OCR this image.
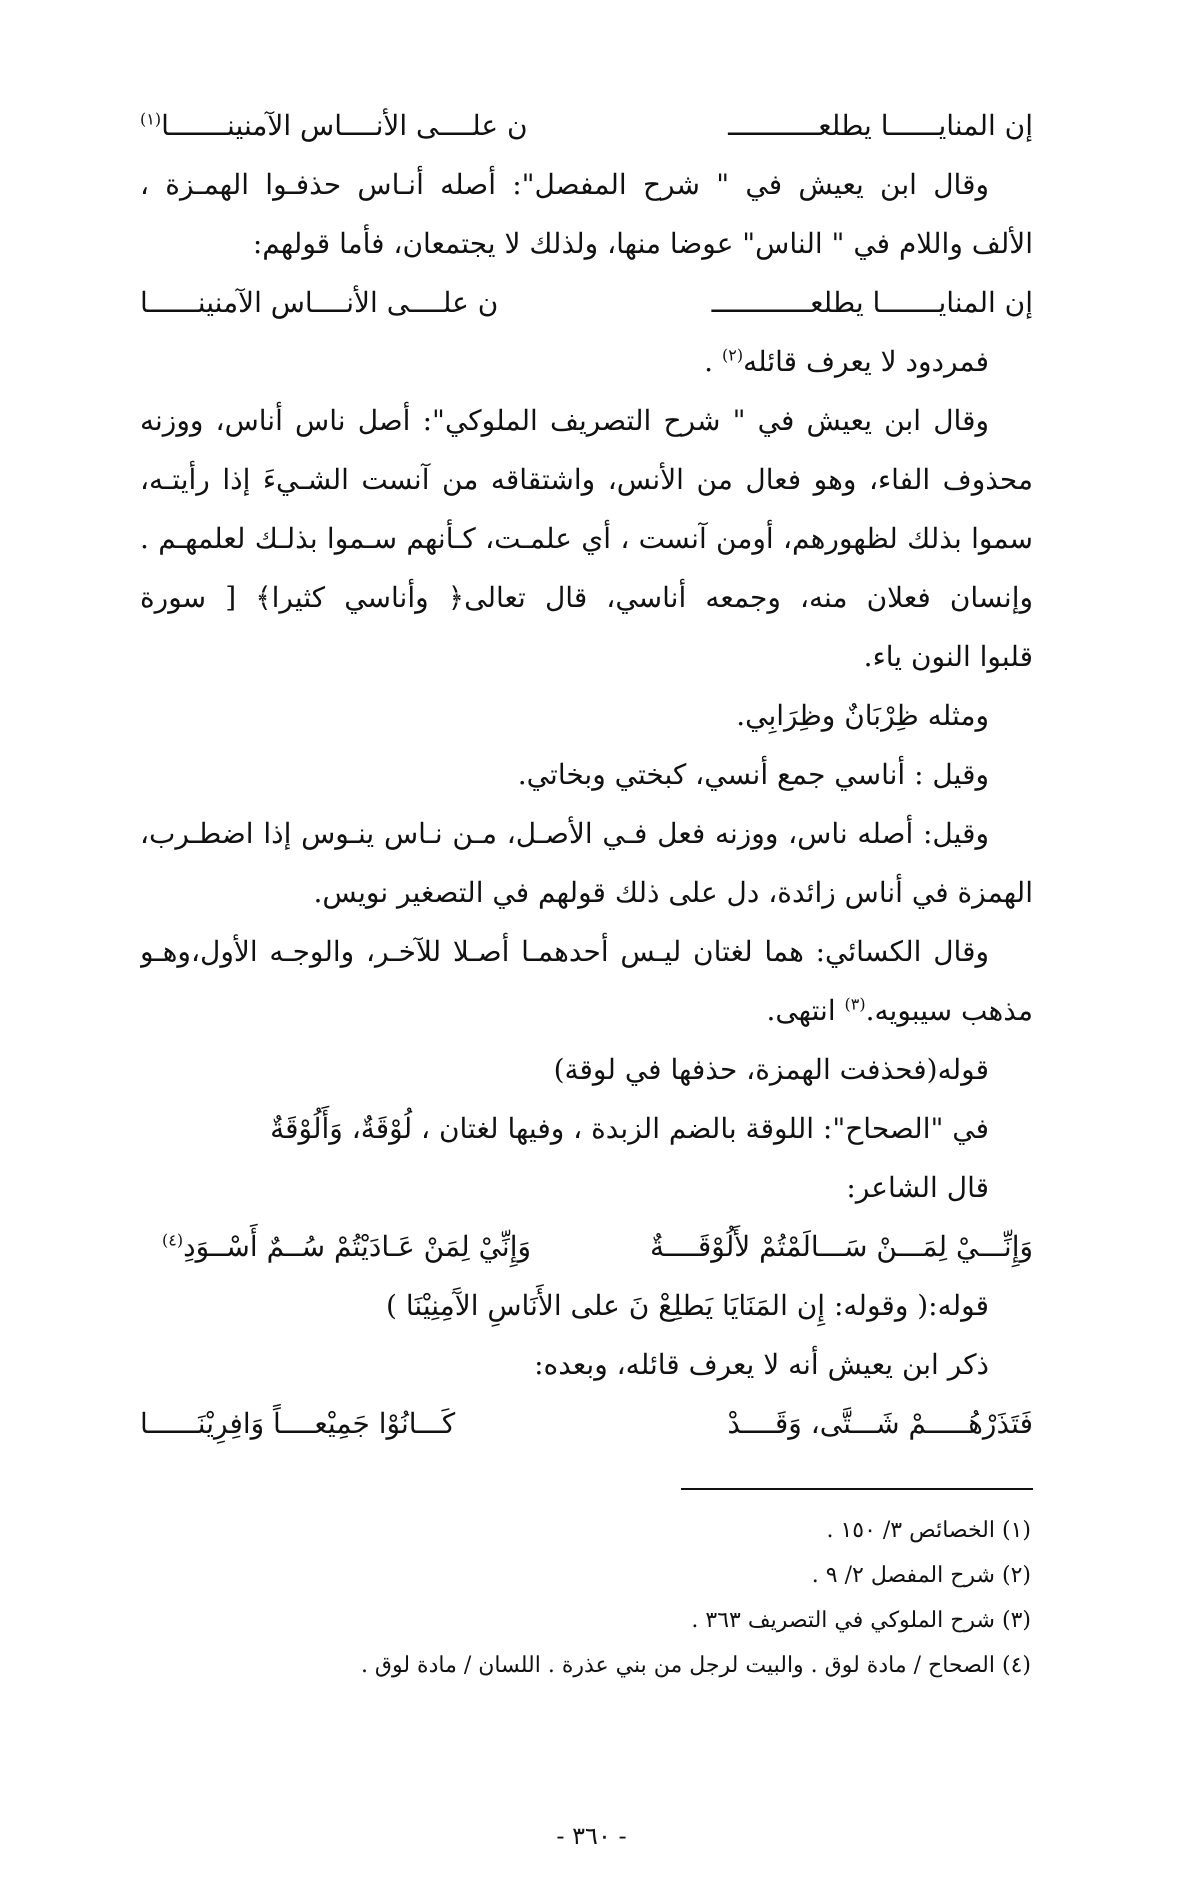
إن المنايــــــا يطلعـــــــــــ
ن علــــى الأنــــاس الآمنينـــــــا$^{(١)}$
وقال ابن يعيش في " شرح المفصل": أصله أنـاس حذفـوا الهمـزة ،
الألف واللام في " الناس" عوضا منها، ولذلك لا يجتمعان، فأما قولهم:
إن المنايـــــــا يطلعــــــــــــ
ن علــــى الأنــــاس الآمنينــــــا
فمردود لا يعرف قائله$^{(٢)}$ .
وقال ابن يعيش في " شرح التصريف الملوكي": أصل ناس أناس، ووزنه
محذوف الفاء، وهو فعال من الأنس، واشتقاقه من آنست الشـيءَ إذا رأيتـه،
سموا بذلك لظهورهم، أومن آنست ، أي علمـت، كـأنهم سـموا بذلـك لعلمهـم .
وإنسان فعلان منه، وجمعه أناسي، قال تعالى﴿ وأناسي كثيرا﴾ [ سورة
قلبوا النون ياء.
ومثله ظِرْبَانٌ وظِرَابِي.
وقيل : أناسي جمع أنسي، كبختي وبخاتي.
وقيل: أصله ناس، ووزنه فعل فـي الأصـل، مـن نـاس ينـوس إذا اضطـرب،
الهمزة في أناس زائدة، دل على ذلك قولهم في التصغير نويس.
وقال الكسائي: هما لغتان ليـس أحدهمـا أصـلا للآخـر، والوجـه الأول،وهـو
مذهب سيبويه.$^{(٣)}$ انتهى.
قوله(فحذفت الهمزة، حذفها في لوقة)
في "الصحاح": اللوقة بالضم الزبدة ، وفيها لغتان ، لُوْقَةٌ، وَأَلُوْقَةٌ
قال الشاعر:
وَإِنِّـــيْ لِمَـــنْ سَـــالَمْتُمْ لأَلُوْقَــــةٌ
وَإِنِّيْ لِمَنْ عَـادَيْتُمْ سُــمٌ أَسْــوَدِ$^{(٤)}$
قوله:( وقوله: إِن المَنَايَا يَطلِعْ نَ على الأَنَاسِ الآَمِنِيْنَا )
ذكر ابن يعيش أنه لا يعرف قائله، وبعده:
فَتَذَرْهُـــــمْ شَـــتَّى، وَقَــــدْ
كَـــانُوْا جَمِيْعــــاً وَافِرِيْنَــــــا
(١) الخصائص ٣/ ١٥٠ .
(٢) شرح المفصل ٢/ ٩ .
(٣) شرح الملوكي في التصريف ٣٦٣ .
(٤) الصحاح / مادة لوق . والبيت لرجل من بني عذرة . اللسان / مادة لوق .
- ٣٦٠ -
